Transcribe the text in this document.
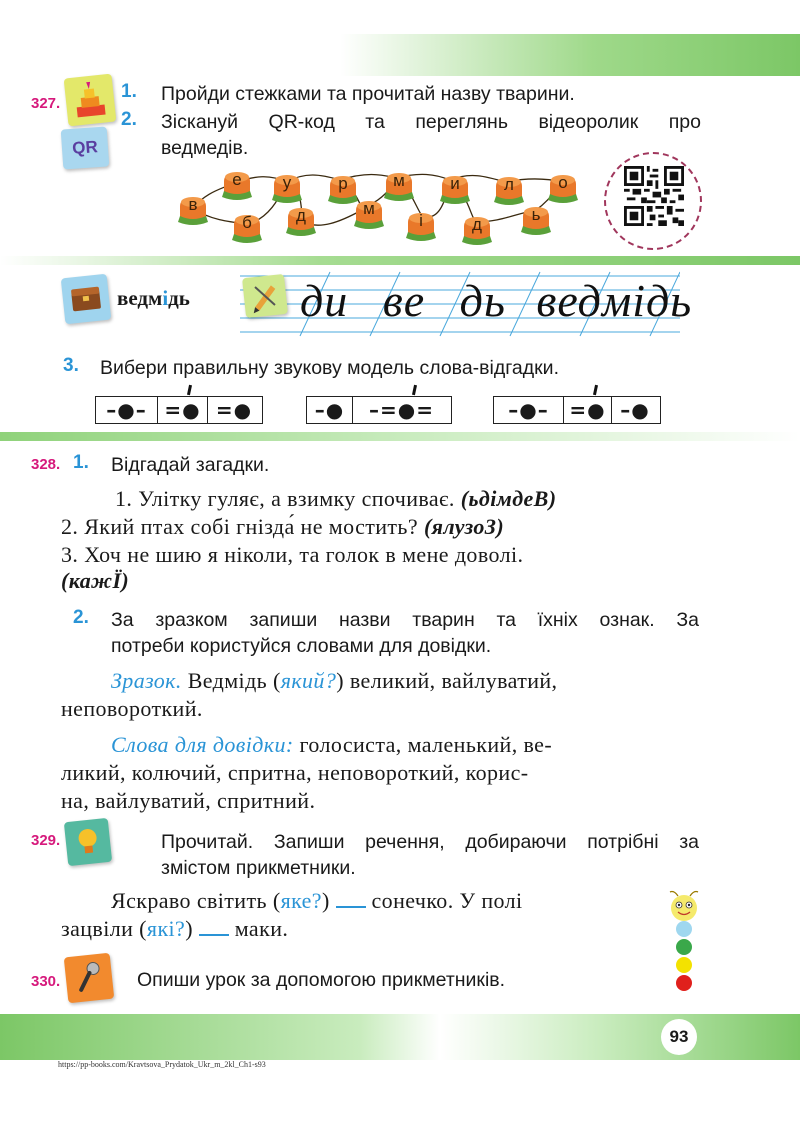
327.
QR
1. Пройди стежками та прочитай назву тварини.
2. Зіскануй QR-код та переглянь відеоролик про
ведмедів.
ведмідь ди ве дь ведмідь
3. Вибери правильну звукову модель слова-відгадки.
–●– =● =●	–●	–=●=	–●–	=● –●
328. 1. Відгадай загадки.
1. Улітку гуляє, а взимку спочиває. (ьдімдеВ)
2. Який птах собі гнізда́ не мостить? (ялузоЗ)
3. Хоч не шию я ніколи, та голок в мене доволі.
(кажЇ)
2. За зразком запиши назви тварин та їхніх ознак. За
потреби користуйся словами для довідки.
Зразок. Ведмідь (який?) великий, вайлуватий,
неповороткий.
Слова для довідки: голосиста, маленький, ве-
ликий, колючий, спритна, неповороткий, корис-
на, вайлуватий, спритний.
329.	Прочитай. Запиши речення, добираючи потрібні за
змістом прикметники.
Яскраво світить (яке?) сонечко. У полі
зацвіли (які?) маки.
330.	Опиши урок за допомогою прикметників.
93
https://pp-books.com/Kravtsova_Prydatok_Ukr_m_2kl_Ch1-s93
в
е	у	р	м	и	л	о
б	д	м
і	д
ь
